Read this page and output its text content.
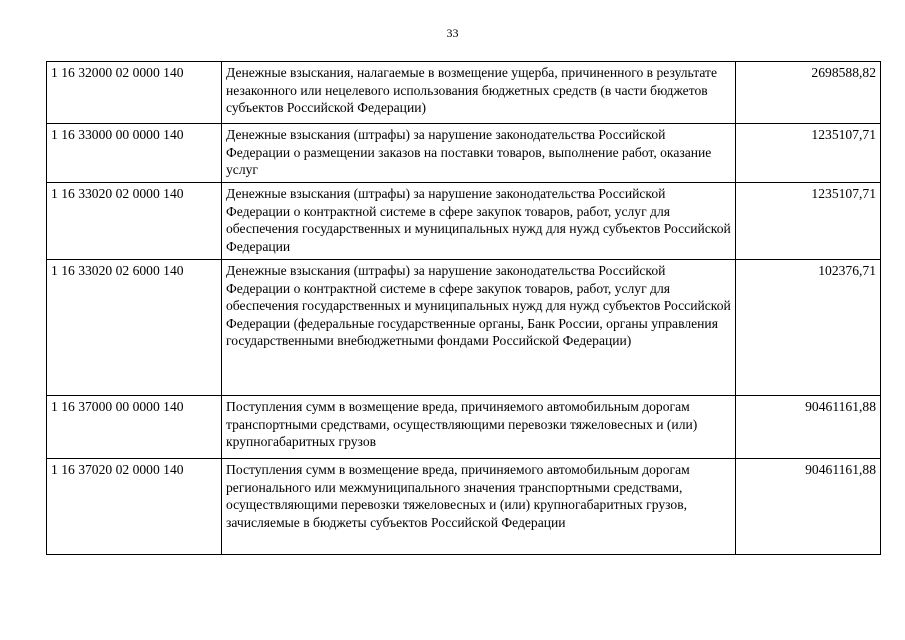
33
1 16 32000 02 0000 140	Денежные взыскания, налагаемые в возмещение ущерба, причиненного в результате незаконного или нецелевого использования бюджетных средств (в части бюджетов субъектов Российской Федерации)	2698588,82
1 16 33000 00 0000 140	Денежные взыскания (штрафы) за нарушение законодательства Российской Федерации о размещении заказов на поставки товаров, выполнение работ, оказание услуг	1235107,71
1 16 33020 02 0000 140	Денежные взыскания (штрафы) за нарушение законодательства Российской Федерации о контрактной системе в сфере закупок товаров, работ, услуг для обеспечения государственных и муниципальных нужд для нужд субъектов Российской Федерации	1235107,71
1 16 33020 02 6000 140	Денежные взыскания (штрафы) за нарушение законодательства Российской Федерации о контрактной системе в сфере закупок товаров, работ, услуг для обеспечения государственных и муниципальных нужд для нужд субъектов Российской Федерации (федеральные государственные органы, Банк России, органы управления государственными внебюджетными фондами Российской Федерации)	102376,71
1 16 37000 00 0000 140	Поступления сумм в возмещение вреда, причиняемого автомобильным дорогам транспортными средствами, осуществляющими перевозки тяжеловесных и (или) крупногабаритных грузов	90461161,88
1 16 37020 02 0000 140	Поступления сумм в возмещение вреда, причиняемого автомобильным дорогам регионального или межмуниципального значения транспортными средствами, осуществляющими перевозки тяжеловесных и (или) крупногабаритных грузов, зачисляемые в бюджеты субъектов Российской Федерации	90461161,88
